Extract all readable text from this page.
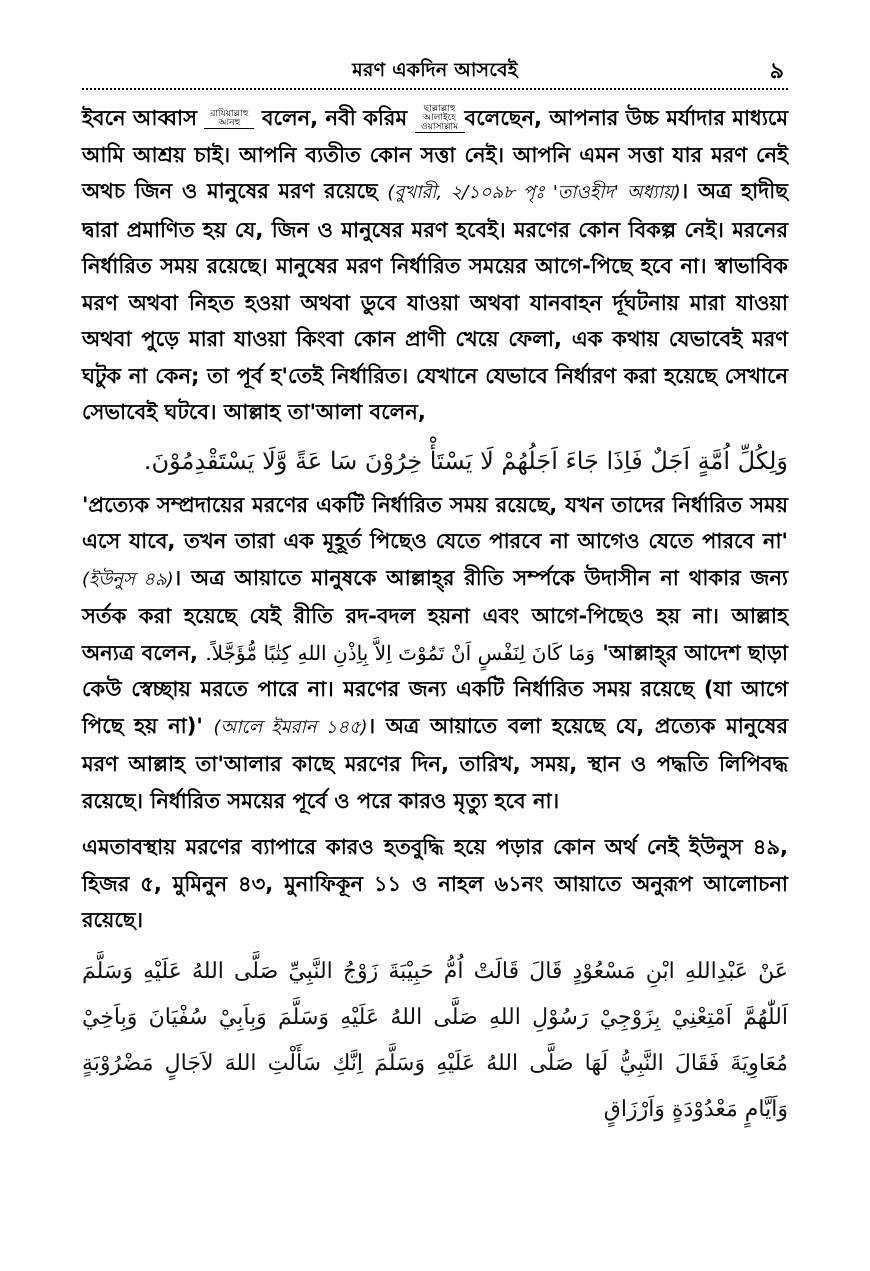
মরণ একদিন আসবেই	৯

ইবনে আব্বাস রাযিয়াল্লাহু আনহু বলেন, নবী করিম ছাল্লাল্লাহু আলাইহে ওয়াসাল্লাম বলেছেন, আপনার উচ্চ মর্যাদার মাধ্যমে আমি আশ্রয় চাই। আপনি ব্যতীত কোন সত্তা নেই। আপনি এমন সত্তা যার মরণ নেই অথচ জিন ও মানুষের মরণ রয়েছে (বুখারী, ২/১০৯৮ পৃঃ 'তাওহীদ' অধ্যায়)। অত্র হাদীছ দ্বারা প্রমাণিত হয় যে, জিন ও মানুষের মরণ হবেই। মরণের কোন বিকল্প নেই। মরনের নির্ধারিত সময় রয়েছে। মানুষের মরণ নির্ধারিত সময়ের আগে-পিছে হবে না। স্বাভাবিক মরণ অথবা নিহত হওয়া অথবা ডুবে যাওয়া অথবা যানবাহন র্দূঘটনায় মারা যাওয়া অথবা পুড়ে মারা যাওয়া কিংবা কোন প্রাণী খেয়ে ফেলা, এক কথায় যেভাবেই মরণ ঘটুক না কেন; তা পূর্ব হ'তেই নির্ধারিত। যেখানে যেভাবে নির্ধারণ করা হয়েছে সেখানে সেভাবেই ঘটবে। আল্লাহ তা'আলা বলেন,

وَلِكُلِّ اُمَّةٍ اَجَلٌ فَاِذَا جَاءَ اَجَلُهُمْ لَا يَسْتَأْ خِرُوْنَ سَا عَةً وَّلَا يَسْتَقْدِمُوْنَ.

'প্রত্যেক সম্প্রদায়ের মরণের একটি নির্ধারিত সময় রয়েছে, যখন তাদের নির্ধারিত সময় এসে যাবে, তখন তারা এক মূহূর্ত পিছেও যেতে পারবে না আগেও যেতে পারবে না' (ইউনুস ৪৯)। অত্র আয়াতে মানুষকে আল্লাহ্‌র রীতি সর্ম্পকে উদাসীন না থাকার জন্য সর্তক করা হয়েছে যেই রীতি রদ-বদল হয়না এবং আগে-পিছেও হয় না। আল্লাহ অন্যত্র বলেন, وَمَا كَانَ لِنَفْسٍ اَنْ تَمُوْتَ اِلاَّ بِاِذْنِ اللهِ كِتٰبًا مُّؤَجَّلاً. 'আল্লাহ্‌র আদেশ ছাড়া কেউ স্বেচ্ছায় মরতে পারে না। মরণের জন্য একটি নির্ধারিত সময় রয়েছে (যা আগে পিছে হয় না)' (আলে ইমরান ১৪৫)। অত্র আয়াতে বলা হয়েছে যে, প্রত্যেক মানুষের মরণ আল্লাহ তা'আলার কাছে মরণের দিন, তারিখ, সময়, স্থান ও পদ্ধতি লিপিবদ্ধ রয়েছে। নির্ধারিত সময়ের পূর্বে ও পরে কারও মৃত্যু হবে না।

এমতাবস্থায় মরণের ব্যাপারে কারও হতবুদ্ধি হয়ে পড়ার কোন অর্থ নেই ইউনুস ৪৯, হিজর ৫, মুমিনুন ৪৩, মুনাফিকূন ১১ ও নাহল ৬১নং আয়াতে অনুরূপ আলোচনা রয়েছে।

عَنْ عَبْدِاللهِ ابْنِ مَسْعُوْدٍ قَالَ قَالَتْ اُمُّ حَبِيْبَةَ زَوْجُ النَّبِيِّ صَلَّى اللهُ عَلَيْهِ وَسَلَّمَ اَللّٰهُمَّ اَمْتِعْنِيْ بِزَوْجِيْ رَسُوْلِ اللهِ صَلَّى اللهُ عَلَيْهِ وَسَلَّمَ وَبِاَبِيْ سُفْيَانَ وَبِاَخِيْ مُعَاوِيَةَ فَقَالَ النَّبِيُّ لَهَا صَلَّى اللهُ عَلَيْهِ وَسَلَّمَ اِنَّكِ سَأَلْتِ اللهَ لاَجَالٍ مَضْرُوْبَةٍ وَاَيَّامٍ مَعْدُوْدَةٍ وَاَرْزَاقٍ
